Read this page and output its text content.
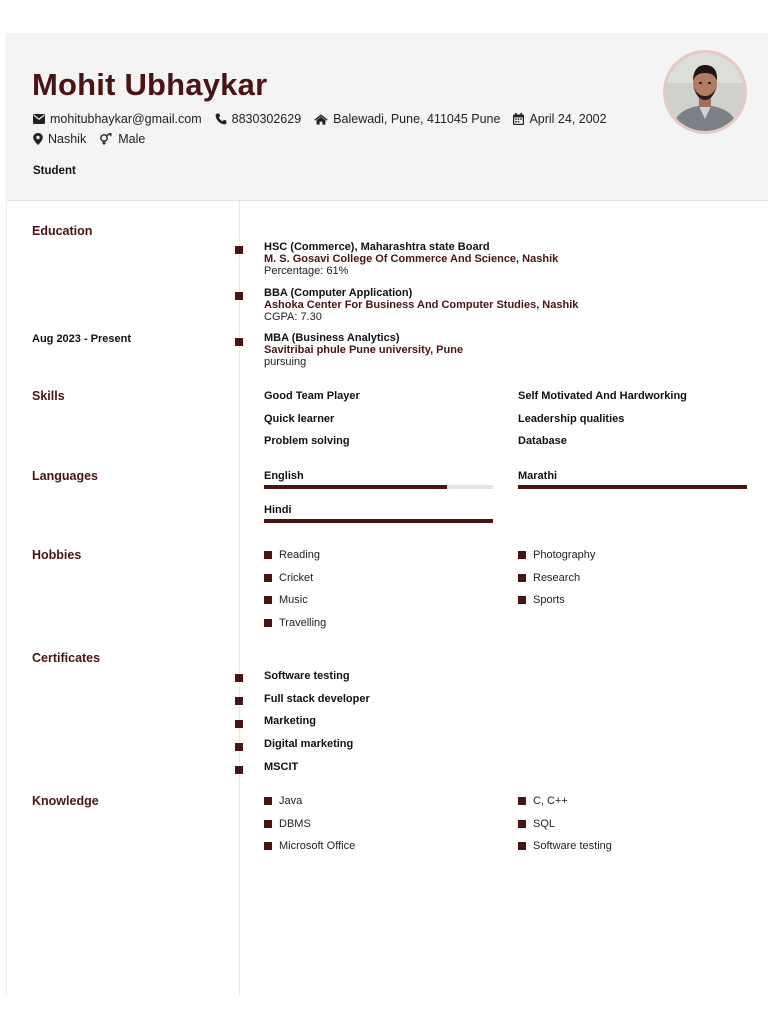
Mohit Ubhaykar
mohitubhaykar@gmail.com 8830302629	Balewadi, Pune, 411045 Pune April 24, 2002
Nashik	Male
Student
Education
HSC (Commerce), Maharashtra state Board
M. S. Gosavi College Of Commerce And Science, Nashik
Percentage: 61%
BBA (Computer Application)
Ashoka Center For Business And Computer Studies, Nashik
CGPA: 7.30
Aug 2023 - Present	MBA (Business Analytics)
Savitribai phule Pune university, Pune
pursuing
Skills	Good Team Player	Self Motivated And Hardworking
Quick learner	Leadership qualities
Problem solving	Database
Languages	English	Marathi
Hindi
Hobbies	Reading	Photography
Cricket	Research
Music	Sports
Travelling
Certificates
Software testing
Full stack developer
Marketing
Digital marketing
MSCIT
Knowledge	Java	C, C++
DBMS	SQL
Microsoft Office	Software testing
